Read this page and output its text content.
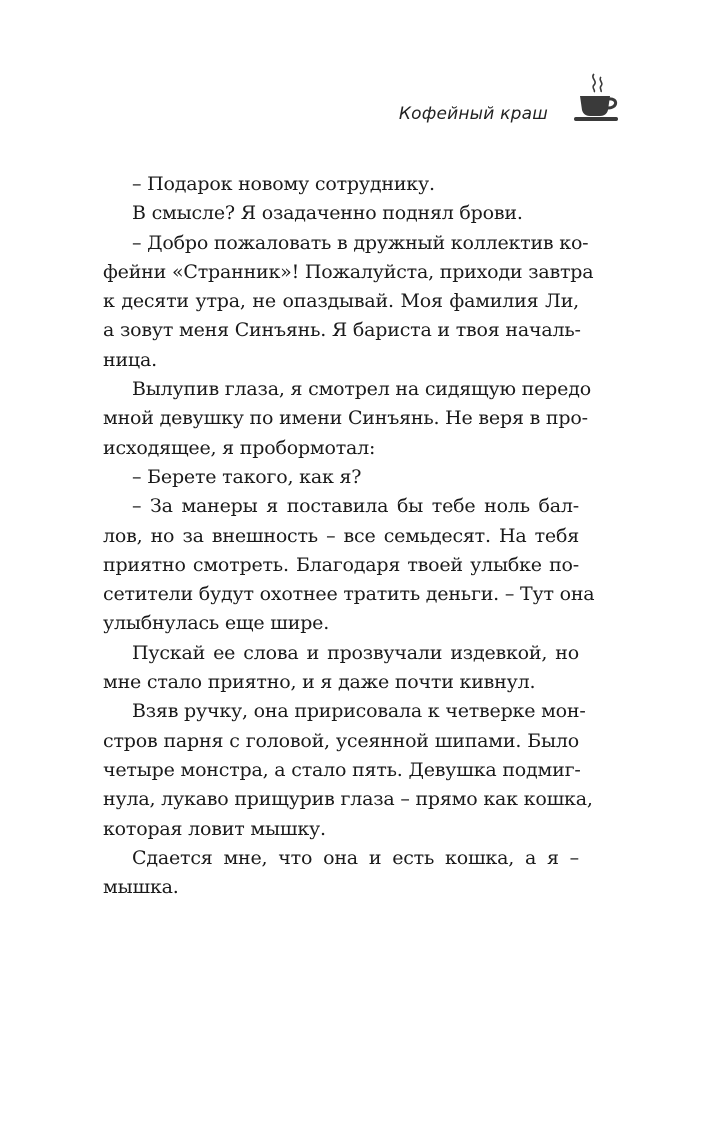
Кофейный краш
– Подарок новому сотруднику.
В смысле? Я озадаченно поднял брови.
– Добро пожаловать в дружный коллектив ко-
фейни «Странник»! Пожалуйста, приходи завтра
к десяти утра, не опаздывай. Моя фамилия Ли,
а зовут меня Синъянь. Я бариста и твоя началь-
ница.
Вылупив глаза, я смотрел на сидящую передо
мной девушку по имени Синъянь. Не веря в про-
исходящее, я пробормотал:
– Берете такого, как я?
– За манеры я поставила бы тебе ноль бал-
лов, но за внешность – все семьдесят. На тебя
приятно смотреть. Благодаря твоей улыбке по-
сетители будут охотнее тратить деньги. – Тут она
улыбнулась еще шире.
Пускай ее слова и прозвучали издевкой, но
мне стало приятно, и я даже почти кивнул.
Взяв ручку, она пририсовала к четверке мон-
стров парня с головой, усеянной шипами. Было
четыре монстра, а стало пять. Девушка подмиг-
нула, лукаво прищурив глаза – прямо как кошка,
которая ловит мышку.
Сдается мне, что она и есть кошка, а я –
мышка.
